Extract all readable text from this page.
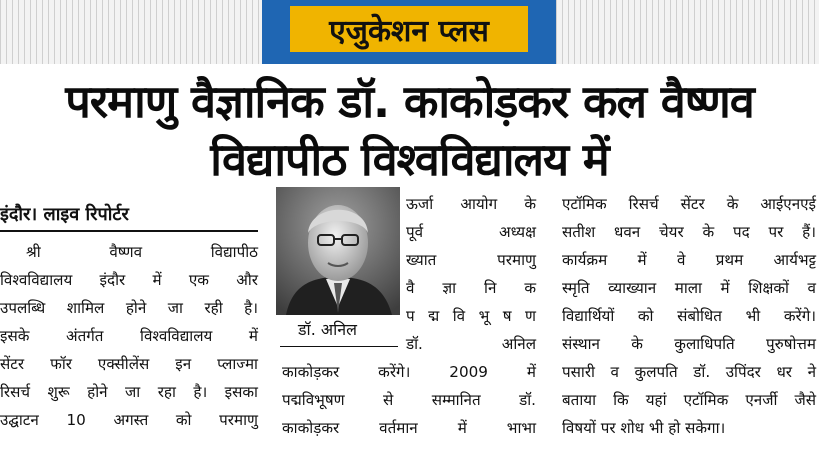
एजुकेशन प्लस
परमाणु वैज्ञानिक डॉ. काकोड़कर कल वैष्णव
विद्यापीठ विश्वविद्यालय में
इंदौर। लाइव रिपोर्टर
श्री वैष्णव विद्यापीठ
विश्वविद्यालय इंदौर में एक और
उपलब्धि शामिल होने जा रही है।
इसके अंतर्गत विश्वविद्यालय में
सेंटर फॉर एक्सीलेंस इन प्लाज्मा
रिसर्च शुरू होने जा रहा है। इसका
उद्घाटन 10 अगस्त को परमाणु
डॉ. अनिल
ऊर्जा आयोग के
पूर्व अध्यक्ष
ख्यात परमाणु
वै ज्ञा नि क
प द्म वि भू ष ण
डॉ. अनिल
काकोड़कर करेंगे। 2009 में
पद्मविभूषण से सम्मानित डॉ.
काकोड़कर वर्तमान में भाभा
एटॉमिक रिसर्च सेंटर के आईएनएई
सतीश धवन चेयर के पद पर हैं।
कार्यक्रम में वे प्रथम आर्यभट्ट
स्मृति व्याख्यान माला में शिक्षकों व
विद्यार्थियों को संबोधित भी करेंगे।
संस्थान के कुलाधिपति पुरुषोत्तम
पसारी व कुलपति डॉ. उपिंदर धर ने
बताया कि यहां एटॉमिक एनर्जी जैसे
विषयों पर शोध भी हो सकेगा।
